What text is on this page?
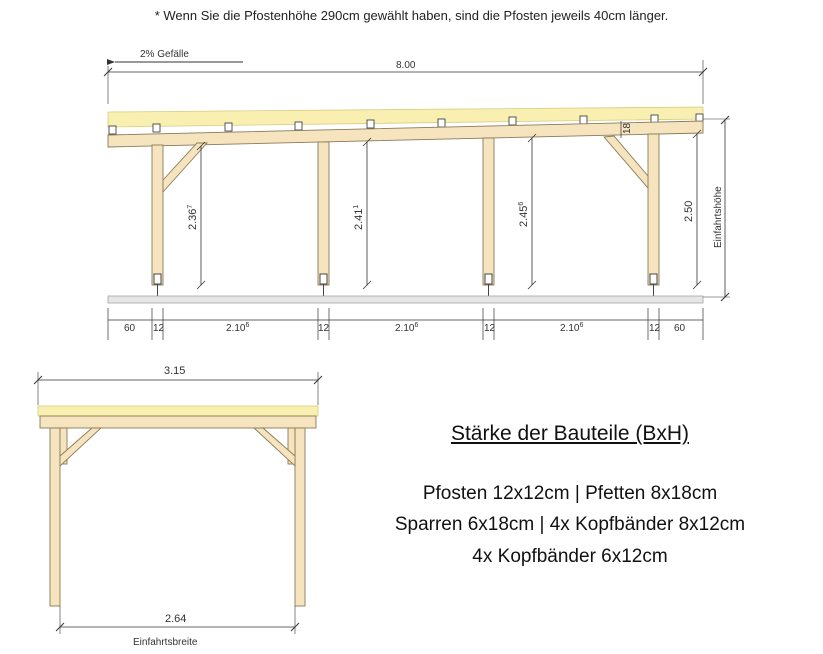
* Wenn Sie die Pfostenhöhe 290cm gewählt haben, sind die Pfosten jeweils 40cm länger.
2% Gefälle
8.00
18
2.36$^7$
2.41$^1$	2.45$^6$	2.50 Einfahrtshöhe
60 12	2.10$^6$	12	2.10$^6$	12	2.10$^6$	12 60
3.15
2.64
Einfahrtsbreite
Stärke der Bauteile (BxH)
Pfosten 12x12cm | Pfetten 8x18cm
Sparren 6x18cm | 4x Kopfbänder 8x12cm
4x Kopfbänder 6x12cm
